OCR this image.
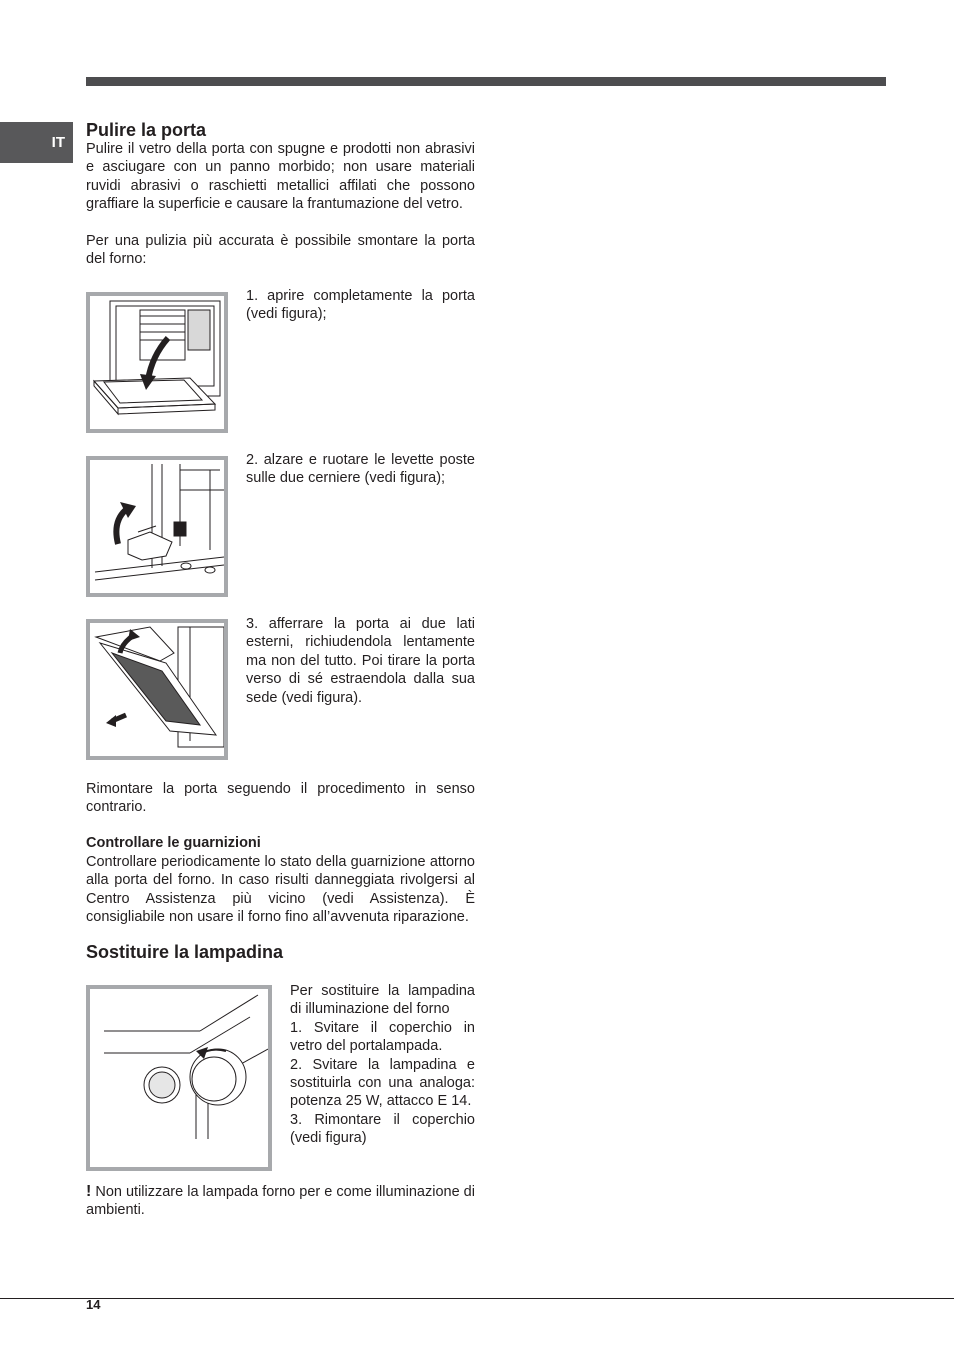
IT
Pulire la porta
Pulire il vetro della porta con spugne e prodotti non abrasivi e asciugare con un panno morbido; non usare materiali ruvidi abrasivi o raschietti metallici affilati che possono graffiare la superficie e causare la frantumazione del vetro.
Per una pulizia più accurata è possibile smontare la porta del forno:
1. aprire completamente la porta (vedi figura);
2. alzare e ruotare le levette poste sulle due cerniere (vedi figura);
3. afferrare la porta ai due lati esterni, richiudendola lentamente ma non del tutto. Poi tirare la porta verso di sé estraendola dalla sua sede (vedi figura).
Rimontare la porta seguendo il procedimento in senso contrario.
Controllare le guarnizioni
Controllare periodicamente lo stato della guarnizione attorno alla porta del forno. In caso risulti danneggiata rivolgersi al Centro Assistenza più vicino (vedi Assistenza). È consigliabile non usare il forno fino all’avvenuta riparazione.
Sostituire la lampadina

Per sostituire la lampadina di illuminazione del forno

1. Svitare il coperchio in vetro del portalampada.

2. Svitare la lampadina e sostituirla con una analoga: potenza 25 W, attacco E 14.

3. Rimontare il coperchio (vedi figura)

! Non utilizzare la lampada forno per e come illuminazione di ambienti.
14
